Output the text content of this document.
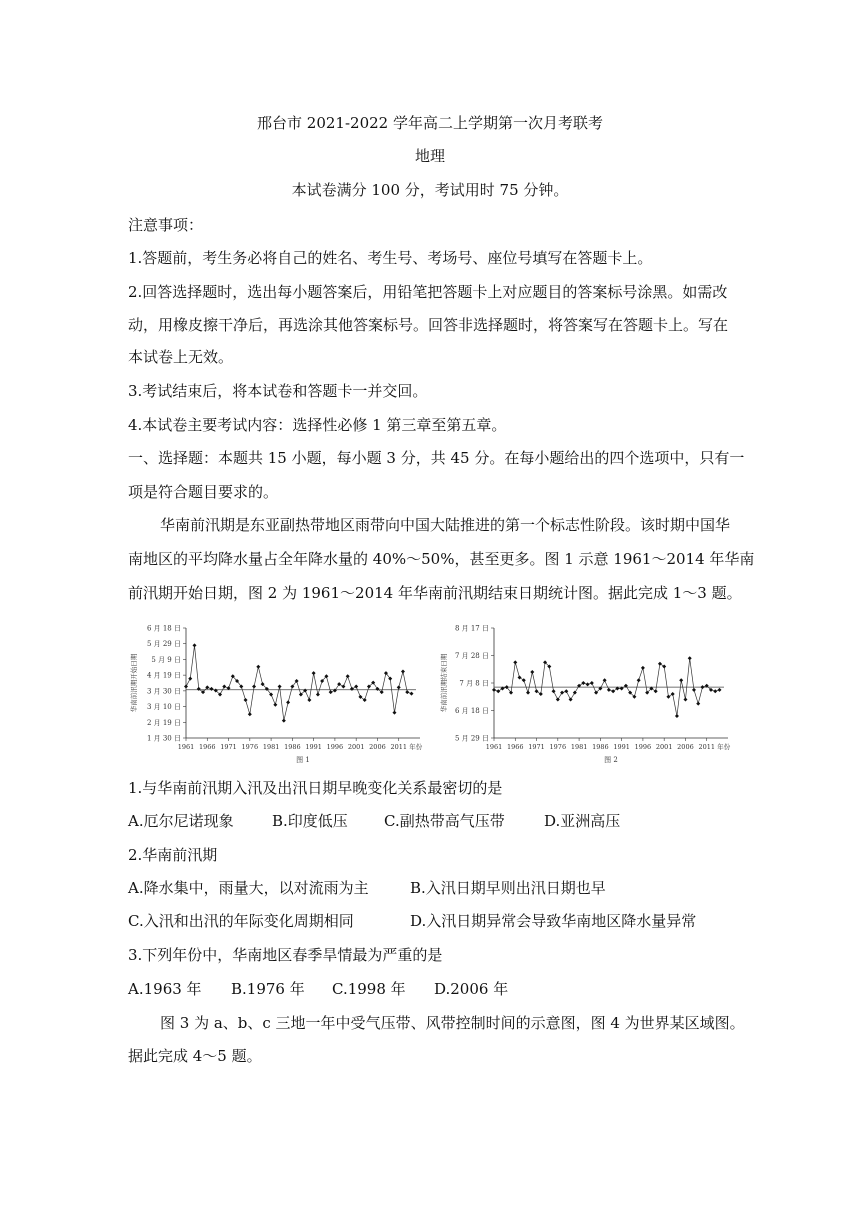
邢台市 2021-2022 学年高二上学期第一次月考联考
地理
本试卷满分 100 分，考试用时 75 分钟。
注意事项：
1.答题前，考生务必将自己的姓名、考生号、考场号、座位号填写在答题卡上。
2.回答选择题时，选出每小题答案后，用铅笔把答题卡上对应题目的答案标号涂黑。如需改
动，用橡皮擦干净后，再选涂其他答案标号。回答非选择题时，将答案写在答题卡上。写在
本试卷上无效。
3.考试结束后，将本试卷和答题卡一并交回。
4.本试卷主要考试内容：选择性必修 1 第三章至第五章。
一、选择题：本题共 15 小题，每小题 3 分，共 45 分。在每小题给出的四个选项中，只有一
项是符合题目要求的。
华南前汛期是东亚副热带地区雨带向中国大陆推进的第一个标志性阶段。该时期中国华
南地区的平均降水量占全年降水量的 40%～50%，甚至更多。图 1 示意 1961～2014 年华南
前汛期开始日期，图 2 为 1961～2014 年华南前汛期结束日期统计图。据此完成 1～3 题。
1 月 30 日
2 月 19 日
3 月 10 日
3 月 30 日
4 月 19 日
5 月 9 日
5 月 29 日
6 月 18 日
1961 1966 1971 1976 1981 1986 1991 1996 2001 2006 2011 年份
华南前汛期开始日期
图 1
5 月 29 日
6 月 18 日
7 月 8 日
7 月 28 日
8 月 17 日
1961 1966 1971 1976 1981 1986 1991 1996 2001 2006 2011 年份
华南前汛期结束日期
图 2
1.与华南前汛期入汛及出汛日期早晚变化关系最密切的是
A.厄尔尼诺现象	B.印度低压 C.副热带高气压带	D.亚洲高压
2.华南前汛期
A.降水集中，雨量大，以对流雨为主	B.入汛日期早则出汛日期也早
C.入汛和出汛的年际变化周期相同	D.入汛日期异常会导致华南地区降水量异常
3.下列年份中，华南地区春季旱情最为严重的是
A.1963 年 B.1976 年 C.1998 年 D.2006 年
图 3 为 a、b、c 三地一年中受气压带、风带控制时间的示意图，图 4 为世界某区域图。
据此完成 4～5 题。
